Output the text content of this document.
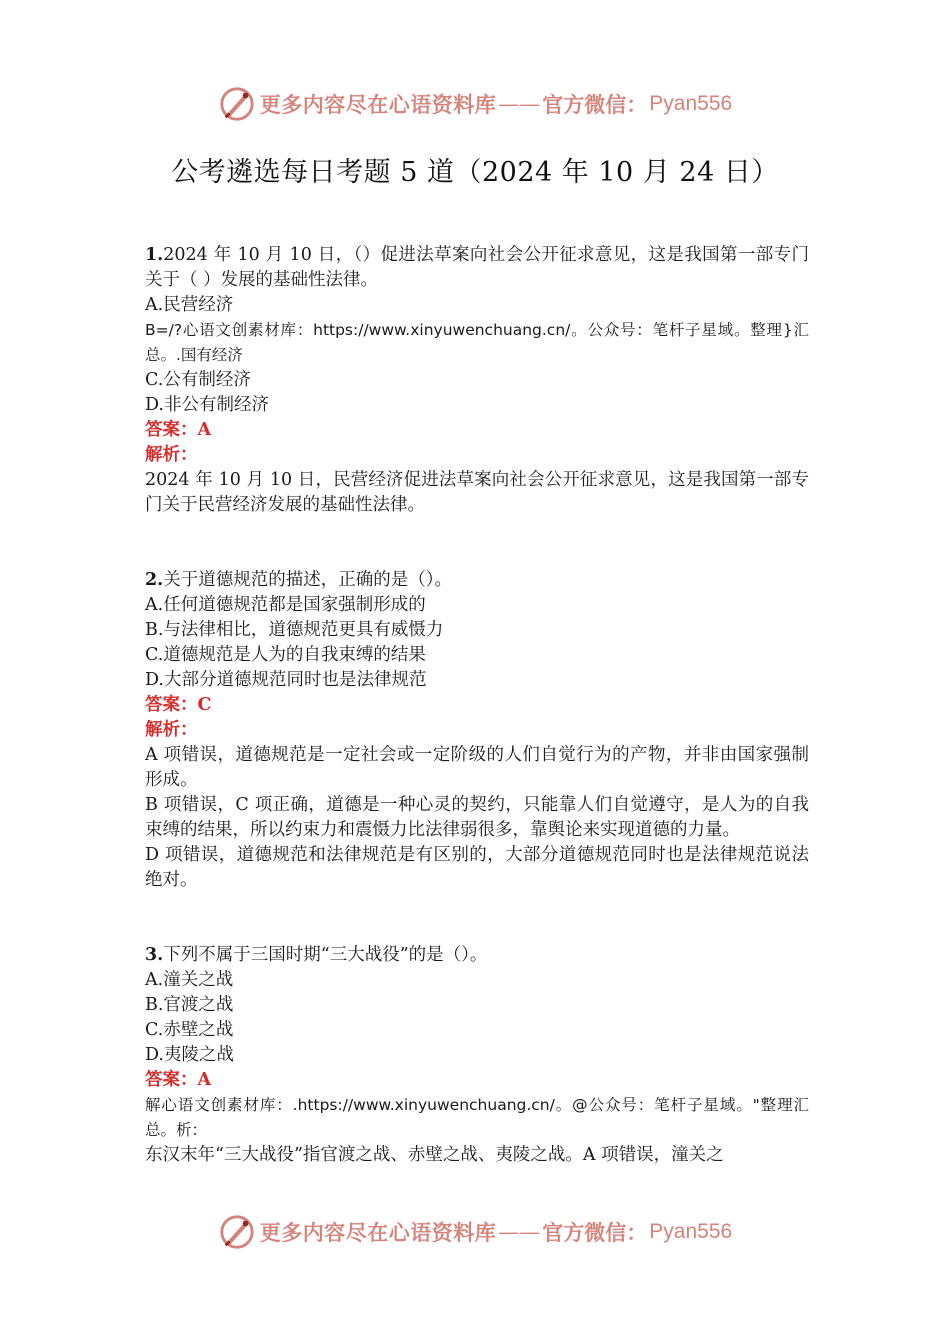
更多内容尽在心语资料库 —— 官方微信： Pyan556
公考遴选每日考题 5 道（2024 年 10 月 24 日）
1.2024 年 10 月 10 日，（）促进法草案向社会公开征求意见，这是我国第一部专门关于（ ）发展的基础性法律。
A.民营经济
B=/?心语文创素材库：https://www.xinyuwenchuang.cn/。公众号：笔杆子星域。整理}汇总。.国有经济
C.公有制经济
D.非公有制经济
答案：A
解析：
2024 年 10 月 10 日，民营经济促进法草案向社会公开征求意见，这是我国第一部专门关于民营经济发展的基础性法律。
2.关于道德规范的描述，正确的是（）。
A.任何道德规范都是国家强制形成的
B.与法律相比，道德规范更具有威慑力
C.道德规范是人为的自我束缚的结果
D.大部分道德规范同时也是法律规范
答案：C
解析：
A 项错误，道德规范是一定社会或一定阶级的人们自觉行为的产物，并非由国家强制形成。
B 项错误，C 项正确，道德是一种心灵的契约，只能靠人们自觉遵守，是人为的自我束缚的结果，所以约束力和震慑力比法律弱很多，靠舆论来实现道德的力量。
D 项错误，道德规范和法律规范是有区别的，大部分道德规范同时也是法律规范说法绝对。
3.下列不属于三国时期“三大战役”的是（）。
A.潼关之战
B.官渡之战
C.赤壁之战
D.夷陵之战
答案：A
解心语文创素材库：.https://www.xinyuwenchuang.cn/。@公众号：笔杆子星域。"整理汇总。析：
东汉末年“三大战役”指官渡之战、赤壁之战、夷陵之战。A 项错误，潼关之
更多内容尽在心语资料库 —— 官方微信： Pyan556
